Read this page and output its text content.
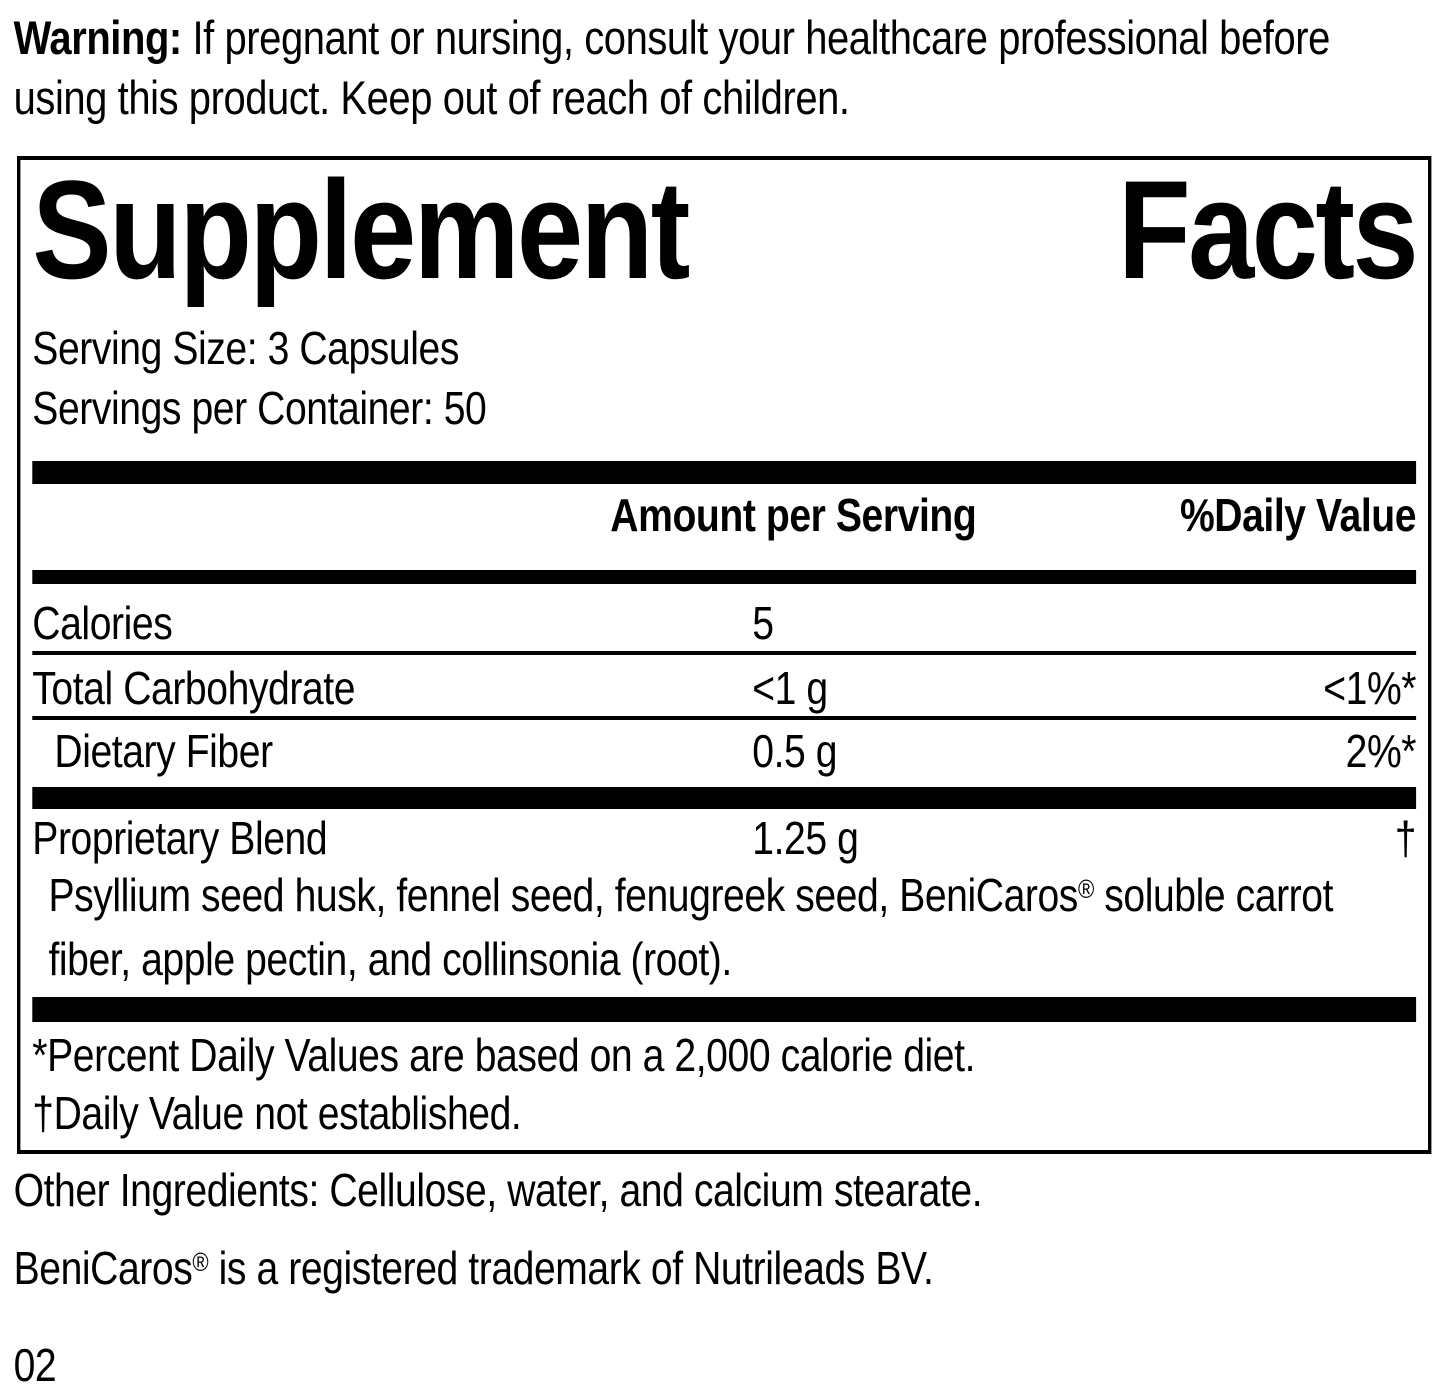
Warning: If pregnant or nursing, consult your healthcare professional before using this product. Keep out of reach of children.

Supplement	Facts
Serving Size: 3 Capsules
Servings per Container: 50
Amount per Serving	%Daily Value
Calories	5
Total Carbohydrate	<1 g	<1%*
Dietary Fiber	0.5 g	2%*
Proprietary Blend	1.25 g	†
Psyllium seed husk, fennel seed, fenugreek seed, BeniCaros® soluble carrot fiber, apple pectin, and collinsonia (root).
*Percent Daily Values are based on a 2,000 calorie diet.
†Daily Value not established.
Other Ingredients: Cellulose, water, and calcium stearate.
BeniCaros® is a registered trademark of Nutrileads BV.
02
